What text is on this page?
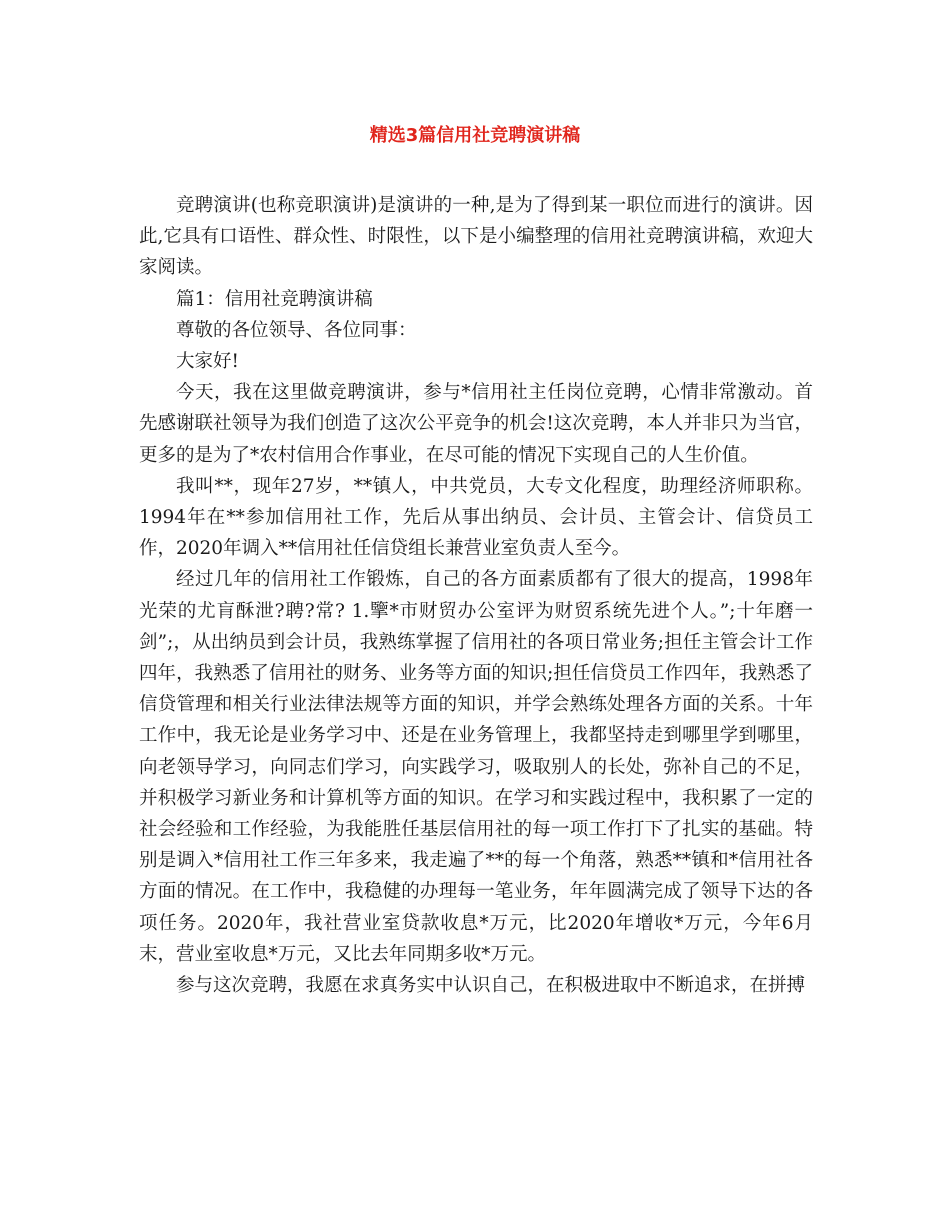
精选3篇信用社竞聘演讲稿

竞聘演讲(也称竞职演讲)是演讲的一种,是为了得到某一职位而进行的演讲。因此,它具有口语性、群众性、时限性，以下是小编整理的信用社竞聘演讲稿，欢迎大家阅读。

篇1：信用社竞聘演讲稿

尊敬的各位领导、各位同事：

大家好!

今天，我在这里做竞聘演讲，参与*信用社主任岗位竞聘，心情非常激动。首先感谢联社领导为我们创造了这次公平竞争的机会!这次竞聘，本人并非只为当官，更多的是为了*农村信用合作事业，在尽可能的情况下实现自己的人生价值。

我叫**，现年27岁，**镇人，中共党员，大专文化程度，助理经济师职称。1994年在**参加信用社工作，先后从事出纳员、会计员、主管会计、信贷员工作，2020年调入**信用社任信贷组长兼营业室负责人至今。

经过几年的信用社工作锻炼，自己的各方面素质都有了很大的提高，1998年光荣的尤肓酥泄?聘?常? 1.擥*市财贸办公室评为财贸系统先进个人。”;十年磨一剑”;，从出纳员到会计员，我熟练掌握了信用社的各项日常业务;担任主管会计工作四年，我熟悉了信用社的财务、业务等方面的知识;担任信贷员工作四年，我熟悉了信贷管理和相关行业法律法规等方面的知识，并学会熟练处理各方面的关系。十年工作中，我无论是业务学习中、还是在业务管理上，我都坚持走到哪里学到哪里，向老领导学习，向同志们学习，向实践学习，吸取别人的长处，弥补自己的不足，并积极学习新业务和计算机等方面的知识。在学习和实践过程中，我积累了一定的社会经验和工作经验，为我能胜任基层信用社的每一项工作打下了扎实的基础。特别是调入*信用社工作三年多来，我走遍了**的每一个角落，熟悉**镇和*信用社各方面的情况。在工作中，我稳健的办理每一笔业务，年年圆满完成了领导下达的各项任务。2020年，我社营业室贷款收息*万元，比2020年增收*万元，今年6月末，营业室收息*万元，又比去年同期多收*万元。

参与这次竞聘，我愿在求真务实中认识自己，在积极进取中不断追求，在拼搏
